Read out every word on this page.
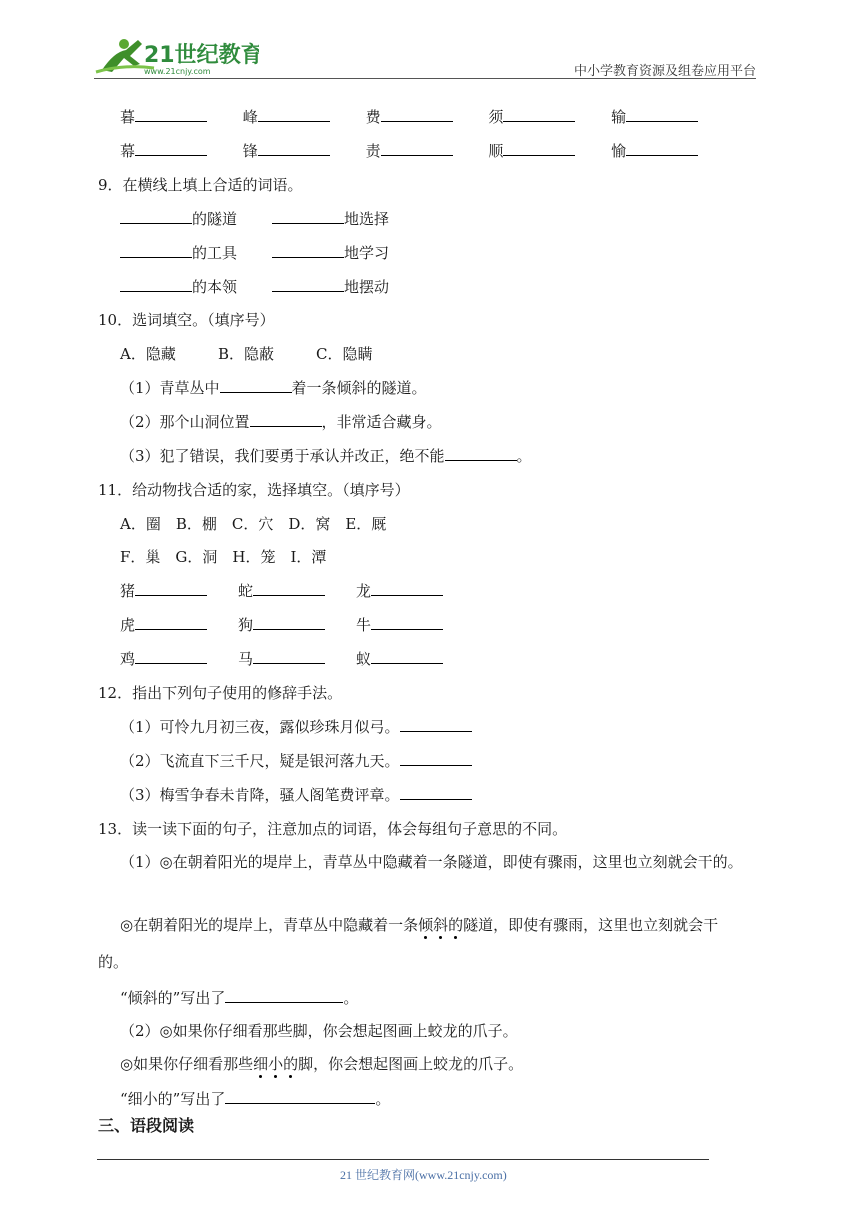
21世纪教育
www.21cnjy.com	中小学教育资源及组卷应用平台
暮	峰	费	须	输
幕	锋	责	顺	愉
9．在横线上填上合适的词语。
的隧道	地选择
的工具	地学习
的本领	地摆动
10．选词填空。（填序号）
A．隐藏	B．隐蔽	C．隐瞒
（1）青草丛中	着一条倾斜的隧道。
（2）那个山洞位置	，非常适合藏身。
（3）犯了错误，我们要勇于承认并改正，绝不能	。
11．给动物找合适的家，选择填空。（填序号）
A．圈　B．棚　C．穴　D．窝　E．厩
F．巢　G．洞　H．笼　I．潭
猪	蛇	龙
虎	狗	牛
鸡	马	蚁
12．指出下列句子使用的修辞手法。
（1）可怜九月初三夜，露似珍珠月似弓。
（2）飞流直下三千尺，疑是银河落九天。
（3）梅雪争春未肯降，骚人阁笔费评章。
13．读一读下面的句子，注意加点的词语，体会每组句子意思的不同。
（1）◎在朝着阳光的堤岸上，青草丛中隐藏着一条隧道，即使有骤雨，这里也立刻就会干的。
◎在朝着阳光的堤岸上，青草丛中隐藏着一条倾斜的隧道，即使有骤雨，这里也立刻就会干
的。
“倾斜的”写出了	。
（2）◎如果你仔细看那些脚，你会想起图画上蛟龙的爪子。
◎如果你仔细看那些细小的脚，你会想起图画上蛟龙的爪子。
“细小的”写出了	。
三、语段阅读
21 世纪教育网(www.21cnjy.com)
